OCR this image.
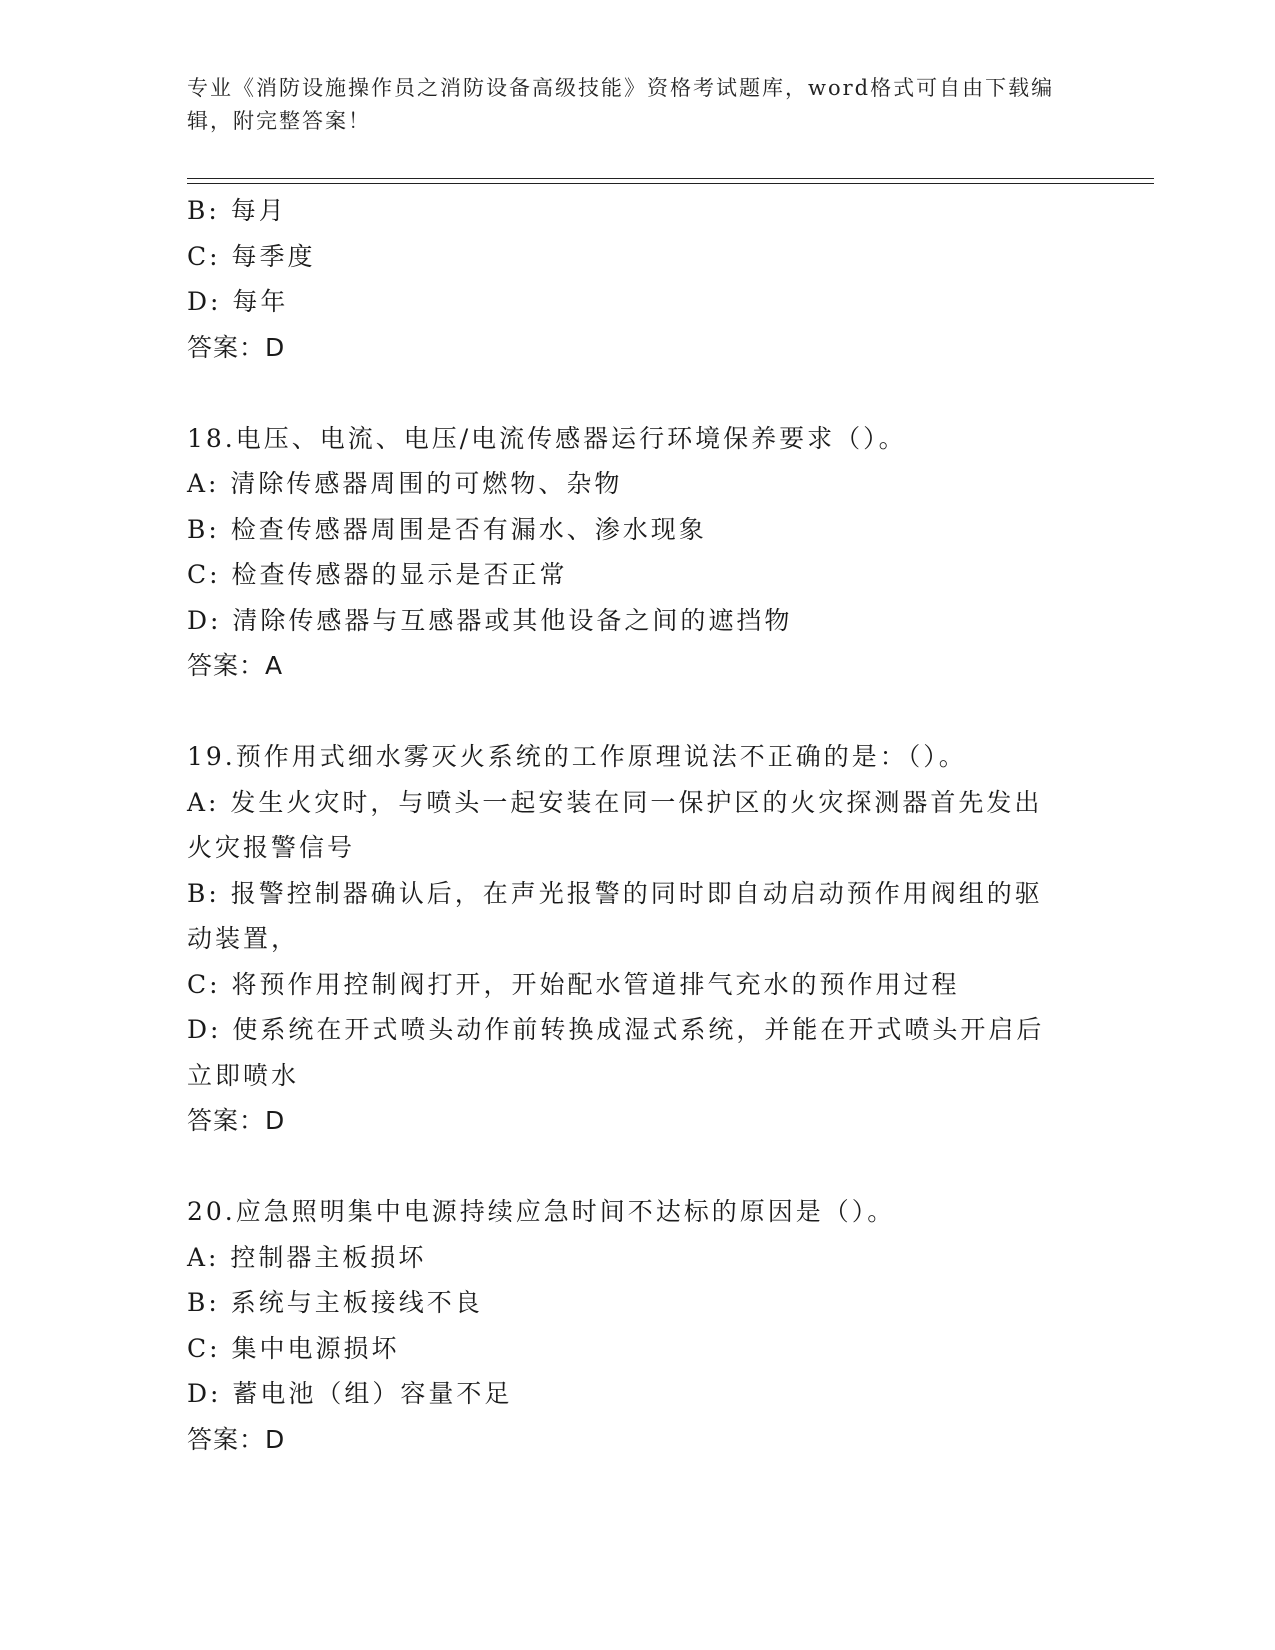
专业《消防设施操作员之消防设备高级技能》资格考试题库，word格式可自由下载编辑，附完整答案！
B: 每月
C: 每季度
D: 每年
答案：D
18.电压、电流、电压/电流传感器运行环境保养要求（）。
A: 清除传感器周围的可燃物、杂物
B: 检查传感器周围是否有漏水、渗水现象
C: 检查传感器的显示是否正常
D: 清除传感器与互感器或其他设备之间的遮挡物
答案：A
19.预作用式细水雾灭火系统的工作原理说法不正确的是：（）。
A: 发生火灾时，与喷头一起安装在同一保护区的火灾探测器首先发出火灾报警信号
B: 报警控制器确认后，在声光报警的同时即自动启动预作用阀组的驱动装置，
C: 将预作用控制阀打开，开始配水管道排气充水的预作用过程
D: 使系统在开式喷头动作前转换成湿式系统，并能在开式喷头开启后立即喷水
答案：D
20.应急照明集中电源持续应急时间不达标的原因是（）。
A: 控制器主板损坏
B: 系统与主板接线不良
C: 集中电源损坏
D: 蓄电池（组）容量不足
答案：D
